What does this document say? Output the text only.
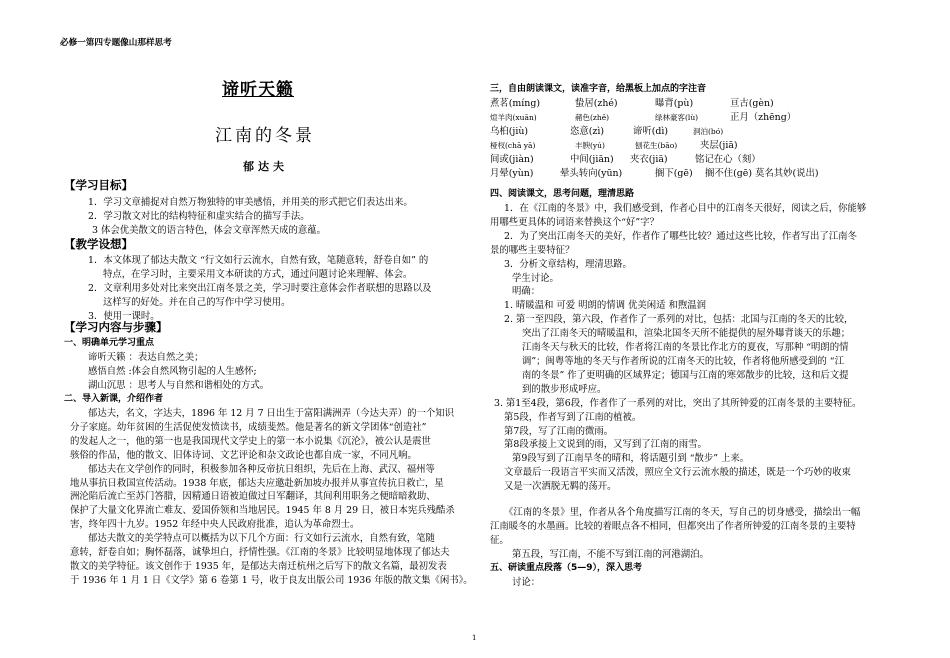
必修一第四专题像山那样思考
谛听天籁
江南的冬景
郁达夫
【学习目标】
1．学习文章捕捉对自然万物独特的审美感悟，并用美的形式把它们表达出来。
2．学习散文对比的结构特征和虚实结合的描写手法。
3 体会优美散文的语言特色，体会文章浑然天成的意蕴。
【教学设想】
1．本文体现了郁达夫散文 “行文如行云流水，自然有致，笔随意转，舒卷自如” 的
特点，在学习时，主要采用文本研读的方式，通过问题讨论来理解、体会。
2．文章利用多处对比来突出江南冬景之美，学习时要注意体会作者联想的思路以及
这样写的好处。并在自己的写作中学习使用。
3．使用一课时。
【学习内容与步骤】
一、明确单元学习重点
谛听天籁 ：表达自然之美；
感悟自然 :体会自然风物引起的人生感怀;
湖山沉思 ：思考人与自然和谐相处的方式。
二、导入新课，介绍作者
郁达夫，名文，字达夫，1896 年 12 月 7 日出生于富阳满洲弄（今达夫弄）的一个知识
分子家庭。幼年贫困的生活促使发愤读书，成绩斐然。他是著名的新文学团体“创造社”
的发起人之一，他的第一也是我国现代文学史上的第一本小说集《沉沦》，被公认是震世
骇俗的作品，他的散文、旧体诗词、文艺评论和杂文政论也都自成一家，不同凡响。
郁达夫在文学创作的同时，积极参加各种反帝抗日组织，先后在上海、武汉、福州等
地从事抗日救国宣传活动。1938 年底，郁达夫应邀赴新加坡办报并从事宣传抗日救亡，星
洲沦陷后流亡至苏门答腊，因精通日语被迫做过日军翻译，其间利用职务之便暗暗救助、
保护了大量文化界流亡难友、爱国侨领和当地居民。1945 年 8 月 29 日，被日本宪兵残酷杀
害，终年四十九岁。1952 年经中央人民政府批准，追认为革命烈士。
郁达夫散文的美学特点可以概括为以下几个方面：行文如行云流水，自然有致，笔随
意转，舒卷自如；胸怀磊落，诚挚坦白，抒情性强。《江南的冬景》比较明显地体现了郁达夫
散文的美学特征。该文创作于 1935 年，是郁达夫南迁杭州之后写下的散文名篇，最初发表
于 1936 年 1 月 1 日《文学》第 6 卷第 1 号，收于良友出版公司 1936 年版的散文集《闲书》。
三，自由朗读课文，读准字音，给黑板上加点的字注音
煮茗(míng)	蛰居(zhé)	曝背(pù)	亘古(gèn)
煊羊肉(xuān)	赭色(zhě)	绿林豪客(lù)	正月（zhēng）
乌桕(jiù)	恣意(zì)	谛听(dì)	泂泊(bó)
桠杈(chā yā)	丰腴(yú)	刨花生(bāo) 夹层(jiā)
间或(jiàn)	中间(jiān) 夹衣(jiā)	铭记在心（刻）
月晕(yùn)	晕头转向(yūn)	搁下(gē) 搁不住(gē) 莫名其妙(说出)
四、阅读课文，思考问题，理清思路
1．在《江南的冬景》中，我们感受到，作者心目中的江南冬天很好，阅读之后，你能够
用哪些更具体的词语来替换这个“好”字？
2．为了突出江南冬天的美好，作者作了哪些比较？通过这些比较，作者写出了江南冬
景的哪些主要特征？
3．分析文章结构，理清思路。
学生讨论。
明确：
1. 晴暖温和 可爱 明朗的情调 优美闲适 和煦温润
2. 第一至四段，第六段，作者作了一系列的对比，包括：北国与江南的冬天的比较，
突出了江南冬天的晴暖温和，渲染北国冬天所不能提供的屋外曝背谈天的乐趣；
江南冬天与秋天的比较，作者将江南的冬景比作北方的夏夜，写那种 “明朗的情
调”；闽粤等地的冬天与作者所说的江南冬天的比较，作者将他所感受到的 “江
南的冬景” 作了更明确的区域界定；德国与江南的寒郊散步的比较，这和后文提
到的散步形成呼应。
3. 第1至4段，第6段，作者作了一系列的对比，突出了其所钟爱的江南冬景的主要特征。
第5段，作者写到了江南的植被。
第7段，写了江南的微雨。
第8段承接上文说到的雨，又写到了江南的雨雪。
第9段写到了江南旱冬的晴和，将话题引到 “散步” 上来。
文章最后一段语言平实而又活泼，照应全文行云流水般的描述，既是一个巧妙的收束
又是一次洒脱无羁的荡开。
《江南的冬景》里，作者从各个角度描写江南的冬天，写自己的切身感受，描绘出一幅
江南暖冬的水墨画。比较的着眼点各不相同，但都突出了作者所钟爱的江南冬景的主要特
征。
第五段，写江南，不能不写到江南的河港湖泊。
五、研读重点段落（5—9），深入思考
讨论：
1
